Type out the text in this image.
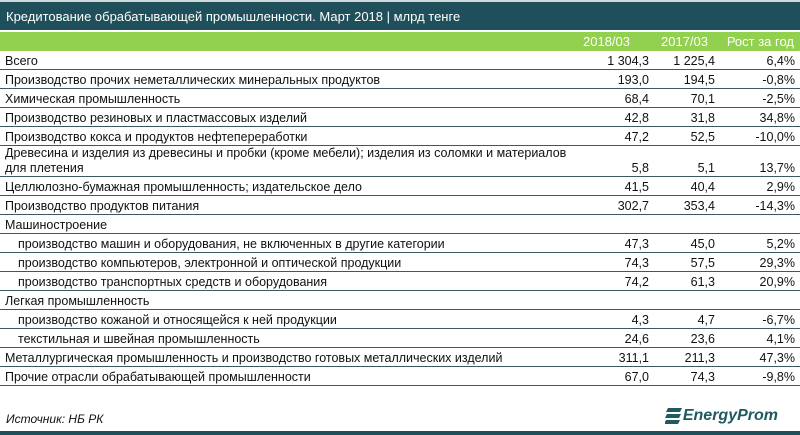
Кредитование обрабатывающей промышленности. Март 2018 | млрд тенге
2018/03 2017/03 Рост за год
Всего	1 304,3	1 225,4	6,4%
Производство прочих неметаллических минеральных продуктов	193,0	194,5	-0,8%
Химическая промышленность	68,4	70,1	-2,5%
Производство резиновых и пластмассовых изделий	42,8	31,8	34,8%
Производство кокса и продуктов нефтепереработки	47,2	52,5	-10,0%
Древесина и изделия из древесины и пробки (кроме мебели); изделия из соломки и материалов для плетения	5,8	5,1	13,7%
Целлюлозно-бумажная промышленность; издательское дело	41,5	40,4	2,9%
Производство продуктов питания	302,7	353,4	-14,3%
Машиностроение			
производство машин и оборудования, не включенных в другие категории	47,3	45,0	5,2%
производство компьютеров, электронной и оптической продукции	74,3	57,5	29,3%
производство транспортных средств и оборудования	74,2	61,3	20,9%
Легкая промышленность			
производство кожаной и относящейся к ней продукции	4,3	4,7	-6,7%
текстильная и швейная промышленность	24,6	23,6	4,1%
Металлургическая промышленность и производство готовых металлических изделий	311,1	211,3	47,3%
Прочие отрасли обрабатывающей промышленности	67,0	74,3	-9,8%
Источник: НБ РК	EnergyProm
